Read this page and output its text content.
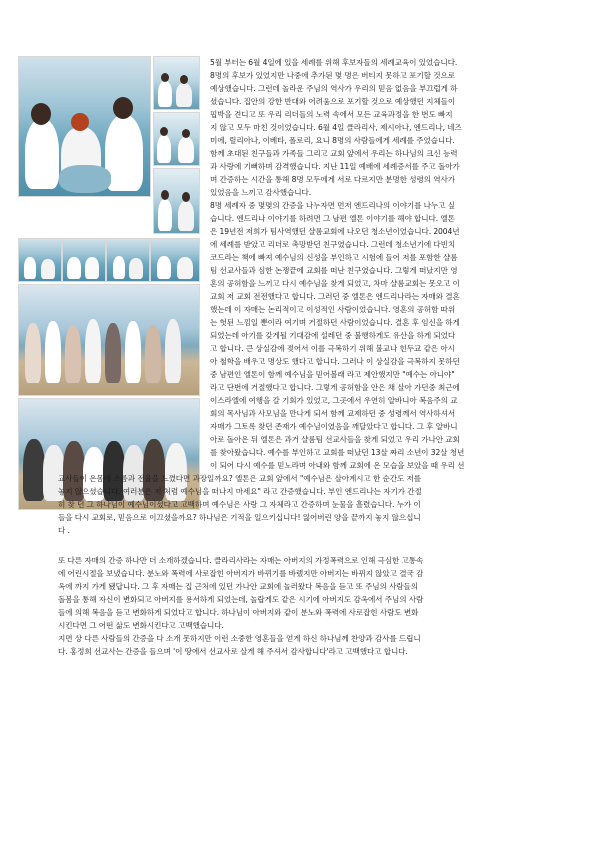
5월 부터는 6월 4일에 있을 세례를 위해 후보자들의 세례교육이 있었습니다.

8명의 후보가 있었지만 나중에 추가된 몇 명은 버티지 못하고 포기할 것으로

예상했습니다. 그런데 놀라운 주님의 역사가 우리의 믿음 없음을 부끄럽게 하

셨습니다. 집안의 강한 반대와 어려움으로 포기할 것으로 예상했던 지체들이

핍박을 견디고 또 우리 리더들의 노력 속에서 모든 교육과정을 한 번도 빠지

지 않고 모두 마친 것이었습니다. 6월 4일 클라리사, 제시아나, 엔드리나, 네즈

미에, 릴리아나, 이베타, 폴로리, 요니 8명의 사람들에게 세례를 주었습니다.

함께 초대된 친구들과 가족들 그리고 교회 앞에서 우리는 하나님의 크신 능력

과 사랑에 기뻐하며 감격했습니다. 지난 11일 예배에 세례증서를 주고 돌아가

며 간증하는 시간을 통해 8명 모두에게 서로 다르지만 분명한 성령의 역사가

있었음을 느끼고 감사했습니다.

8명 세례자 중 몇몇의 간증을 나누자면 먼저 엔드리나의 이야기를 나누고 싶

습니다. 엔드리나 이야기를 하려면 그 남편 엘톤 이야기를 해야 합니다. 엘톤

은 19년전 저희가 팀사역했던 샬롬교회에 나오던 청소년이었습니다. 2004년

에 세례를 받았고 리더로 촉망받던 친구였습니다. 그런데 청소년기에 다빈치

코드라는 책에 빠져 예수님의 신성을 부인하고 시험에 들어 저를 포함한 샬롬

팀 선교사들과 심한 논쟁끝에 교회를 떠난 친구였습니다. 그렇게 떠났지만 영

혼의 공허함을 느끼고 다시 예수님을 찾게 되었고, 차마 샬롬교회는 못오고 이

교회 저 교회 전전했다고 합니다. 그러던 중 엘톤은 엔드리나라는 자매와 결혼

했는데 이 자매는 논리적이고 이성적인 사람이었습니다. 영혼의 공허함 따위

는 헛된 느낌일 뿐이라 여기며 거절하던 사람이었습니다. 결혼 후 임신을 하게

되었는데 아기를 갖게될 기대감에 설레던 중 불행하게도 유산을 하게 되었다

고 합니다. 큰 상실감에 젖어서 이를 극복하기 위해 불교나 힌두교 같은 아시

아 철학을 배우고 명상도 했다고 합니다. 그러나 이 상실감을 극복하지 못하던

중 남편인 엘톤이 함께 예수님을 믿어볼래 라고 제안했지만 "예수는 아니야"

라고 단번에 거절했다고 합니다. 그렇게 공허함을 안은 채 살아 가던중 최근에

이스라엘에 여행을 갈 기회가 있었고, 그곳에서 우연히 알바니아 복음주의 교

회의 목사님과 사모님을 만나게 되서 함께 교제하던 중 성령께서 역사하셔서

자매가 그토록 찾던 존재가 예수님이였음을 깨달았다고 합니다. 그 후 알바니

아로 돌아온 뒤 엘톤은 과거 샬롬팀 선교사들을 찾게 되었고 우리 가나안 교회

를 찾아왔습니다. 예수를 부인하고 교회를 떠났던 13살 짜리 소년이 32살 청년

이 되어 다시 예수를 믿노라며 아내와 함께 교회에 온 모습을 보았을 때 우리 선

교사들이 온몸에 소름과 전율을 느꼈다면 과장일까요? 엘톤은 교회 앞에서 "예수님은 살아계시고 한 순간도 저를

놓지 않으셨습니다. 여러분은 저 처럼 예수님을 떠나지 마세요" 라고 간증했습니다. 부인 엔드리나는 자기가 간절

히 찾 던 그 하나님이 예수님이셨다고 고백하며 예수님은 사랑 그 자체라고 간증하며 눈물을 흘렸습니다. 누가 이

들을 다시 교회로, 믿음으로 이끄셨을까요? 하나님은 기적을 일으키십니다! 잃어버린 양을 끝까지 놓지 않으십니

다 .

또 다른 자매의 간증 하나만 더 소개하겠습니다. 클라리사라는 자매는 아버지의 가정폭력으로 인해 극심한 고통속

에 어린시절을 보냈습니다. 분노와 폭력에 사로잡힌 아버지가 바뀌기를 바랬지만 아버지는 바뀌지 않았고 결국 감

옥에 까지 가게 됐답니다. 그 후 자매는 집 근처에 있던 가나안 교회에 놀러왔다 복음을 듣고 또 주님의 사람들의

돌봄을 통해 자신이 변화되고 아버지를 용서하게 되었는데, 놀랍게도 같은 시기에 아버지도 감옥에서 주님의 사람

들에 의해 복음을 듣고 변화하게 되었다고 합니다. 하나님이 아버지와 같이 분노와 폭력에 사로잡힌 사람도 변화

시킨다면 그 어떤 삶도 변화시킨다고 고백했습니다.

지면 상 다른 사람들의 간증을 다 소개 못하지만 이런 소중한 영혼들을 얻게 하신 하나님께 찬양과 감사를 드립니

다. 홍정희 선교사는 간증을 들으며 '이 땅에서 선교사로 살게 해 주셔서 감사합니다'라고 고백했다고 합니다.
